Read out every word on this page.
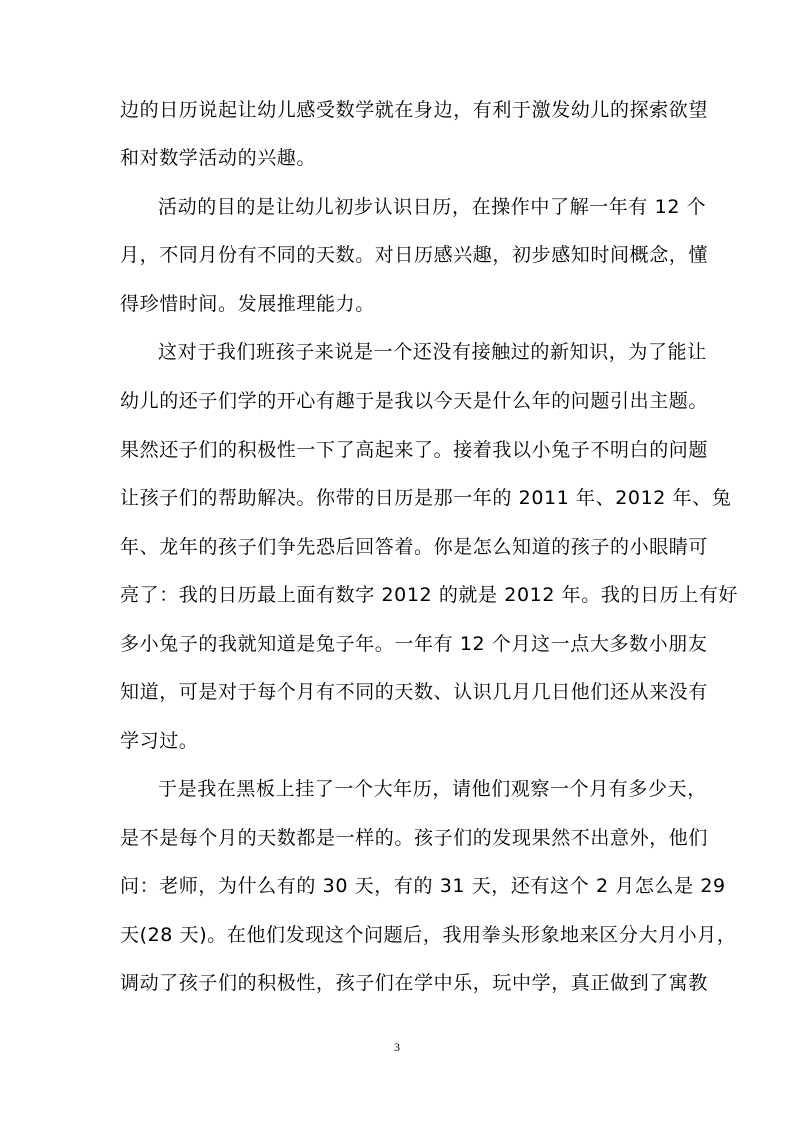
边的日历说起让幼儿感受数学就在身边，有利于激发幼儿的探索欲望
和对数学活动的兴趣。
活动的目的是让幼儿初步认识日历，在操作中了解一年有 12 个
月，不同月份有不同的天数。对日历感兴趣，初步感知时间概念，懂
得珍惜时间。发展推理能力。
这对于我们班孩子来说是一个还没有接触过的新知识，为了能让
幼儿的还子们学的开心有趣于是我以今天是什么年的问题引出主题。
果然还子们的积极性一下了高起来了。接着我以小兔子不明白的问题
让孩子们的帮助解决。你带的日历是那一年的 2011 年、2012 年、兔
年、龙年的孩子们争先恐后回答着。你是怎么知道的孩子的小眼睛可
亮了：我的日历最上面有数字 2012 的就是 2012 年。我的日历上有好
多小兔子的我就知道是兔子年。一年有 12 个月这一点大多数小朋友
知道，可是对于每个月有不同的天数、认识几月几日他们还从来没有
学习过。
于是我在黑板上挂了一个大年历，请他们观察一个月有多少天，
是不是每个月的天数都是一样的。孩子们的发现果然不出意外，他们
问：老师，为什么有的 30 天，有的 31 天，还有这个 2 月怎么是 29
天(28 天)。在他们发现这个问题后，我用拳头形象地来区分大月小月，
调动了孩子们的积极性，孩子们在学中乐，玩中学，真正做到了寓教
3
